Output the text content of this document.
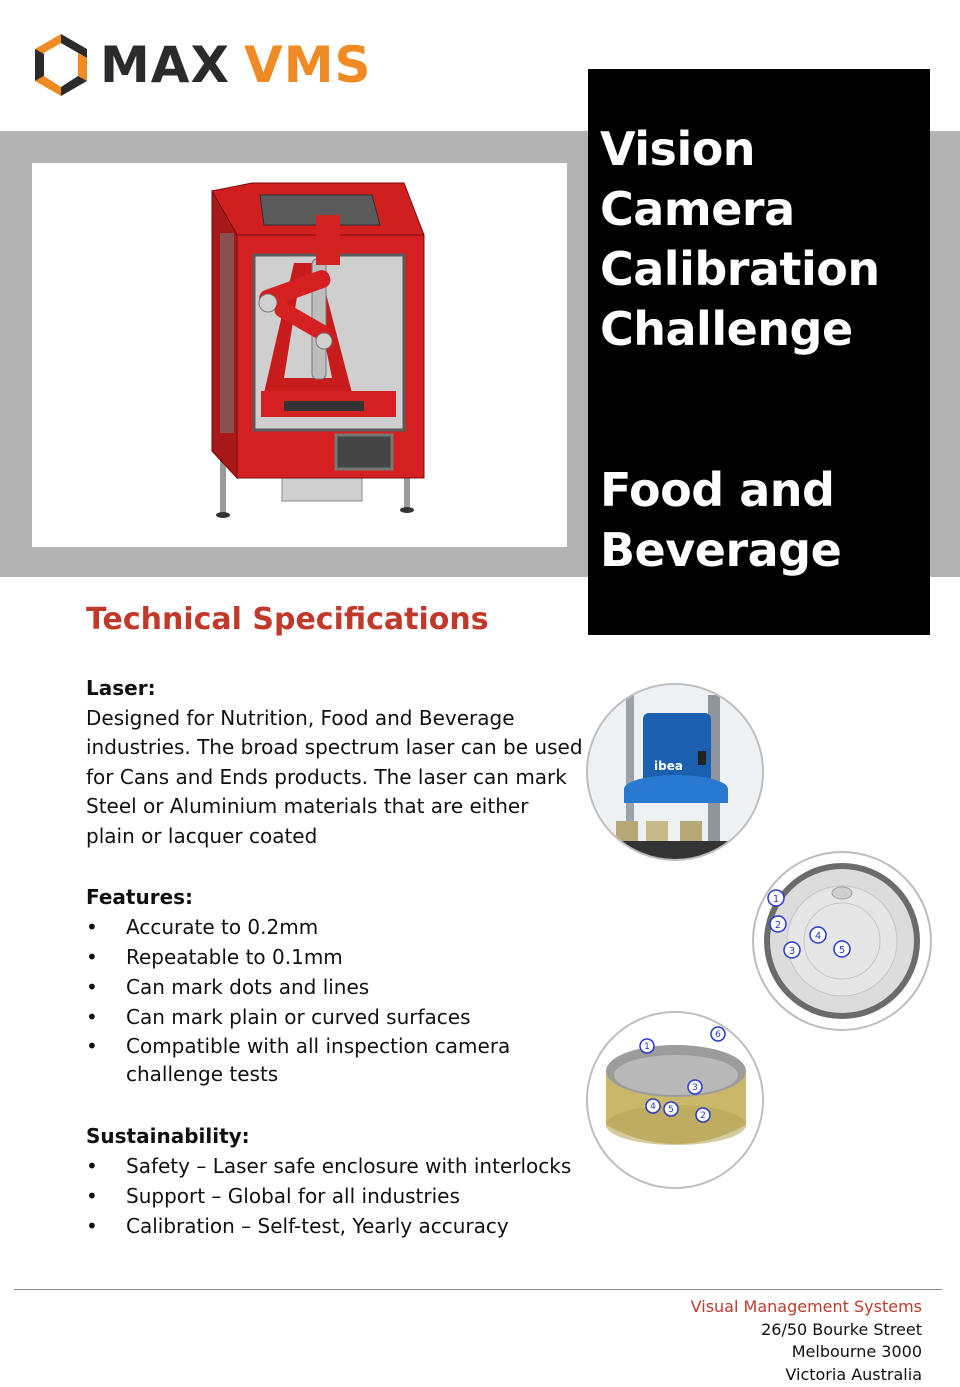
MAX VMS
Vision
Camera
Calibration
Challenge
Food and
Beverage
Technical Specifications
Laser:
Designed for Nutrition, Food and Beverage
industries. The broad spectrum laser can be used
for Cans and Ends products. The laser can mark
Steel or Aluminium materials that are either
plain or lacquer coated
Features:
• Accurate to 0.2mm
• Repeatable to 0.1mm
• Can mark dots and lines
• Can mark plain or curved surfaces
• Compatible with all inspection camera challenge tests
Sustainability:
• Safety – Laser safe enclosure with interlocks
• Support – Global for all industries
• Calibration – Self-test, Yearly accuracy
ibea
1
2
3
4
5
1
6
3
4 5
2
Visual Management Systems
26/50 Bourke Street
Melbourne 3000
Victoria Australia
